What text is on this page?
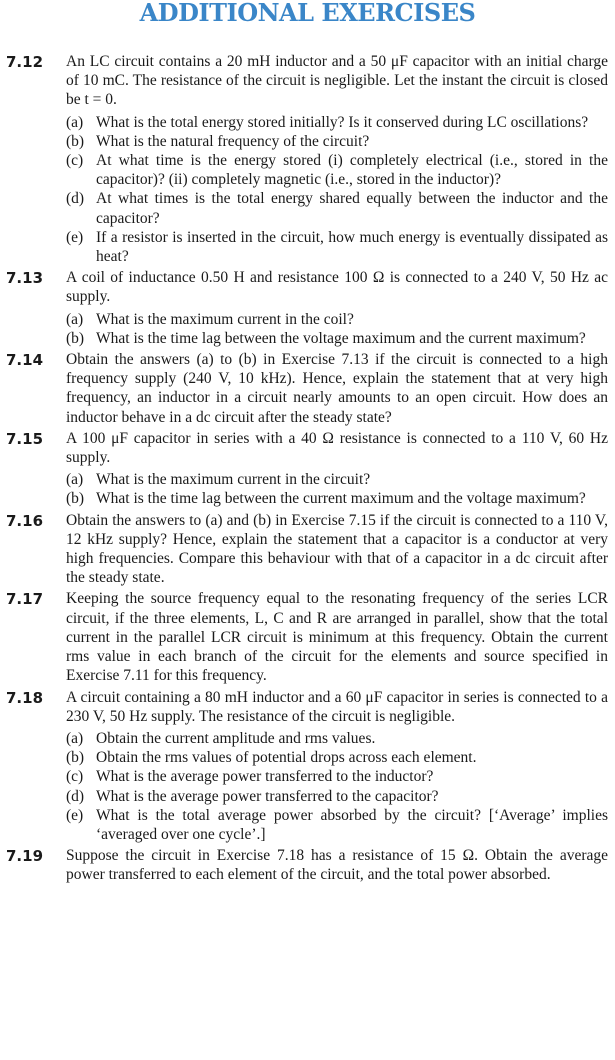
ADDITIONAL EXERCISES
7.12	An LC circuit contains a 20 mH inductor and a 50 μF capacitor with an initial charge of 10 mC. The resistance of the circuit is negligible. Let the instant the circuit is closed be t = 0.

(a) What is the total energy stored initially? Is it conserved during LC oscillations?
(b) What is the natural frequency of the circuit?
(c) At what time is the energy stored (i) completely electrical (i.e., stored in the capacitor)? (ii) completely magnetic (i.e., stored in the inductor)?
(d) At what times is the total energy shared equally between the inductor and the capacitor?
(e) If a resistor is inserted in the circuit, how much energy is eventually dissipated as heat?
7.13	A coil of inductance 0.50 H and resistance 100 Ω is connected to a 240 V, 50 Hz ac supply.

(a) What is the maximum current in the coil?
(b) What is the time lag between the voltage maximum and the current maximum?
7.14	Obtain the answers (a) to (b) in Exercise 7.13 if the circuit is connected to a high frequency supply (240 V, 10 kHz). Hence, explain the statement that at very high frequency, an inductor in a circuit nearly amounts to an open circuit. How does an inductor behave in a dc circuit after the steady state?

7.15	A 100 μF capacitor in series with a 40 Ω resistance is connected to a 110 V, 60 Hz supply.

(a) What is the maximum current in the circuit?
(b) What is the time lag between the current maximum and the voltage maximum?
7.16	Obtain the answers to (a) and (b) in Exercise 7.15 if the circuit is connected to a 110 V, 12 kHz supply? Hence, explain the statement that a capacitor is a conductor at very high frequencies. Compare this behaviour with that of a capacitor in a dc circuit after the steady state.

7.17	Keeping the source frequency equal to the resonating frequency of the series LCR circuit, if the three elements, L, C and R are arranged in parallel, show that the total current in the parallel LCR circuit is minimum at this frequency. Obtain the current rms value in each branch of the circuit for the elements and source specified in Exercise 7.11 for this frequency.

7.18	A circuit containing a 80 mH inductor and a 60 μF capacitor in series is connected to a 230 V, 50 Hz supply. The resistance of the circuit is negligible.

(a) Obtain the current amplitude and rms values.
(b) Obtain the rms values of potential drops across each element.
(c) What is the average power transferred to the inductor?
(d) What is the average power transferred to the capacitor?
(e) What is the total average power absorbed by the circuit? [‘Average’ implies ‘averaged over one cycle’.]
7.19	Suppose the circuit in Exercise 7.18 has a resistance of 15 Ω. Obtain the average power transferred to each element of the circuit, and the total power absorbed.
